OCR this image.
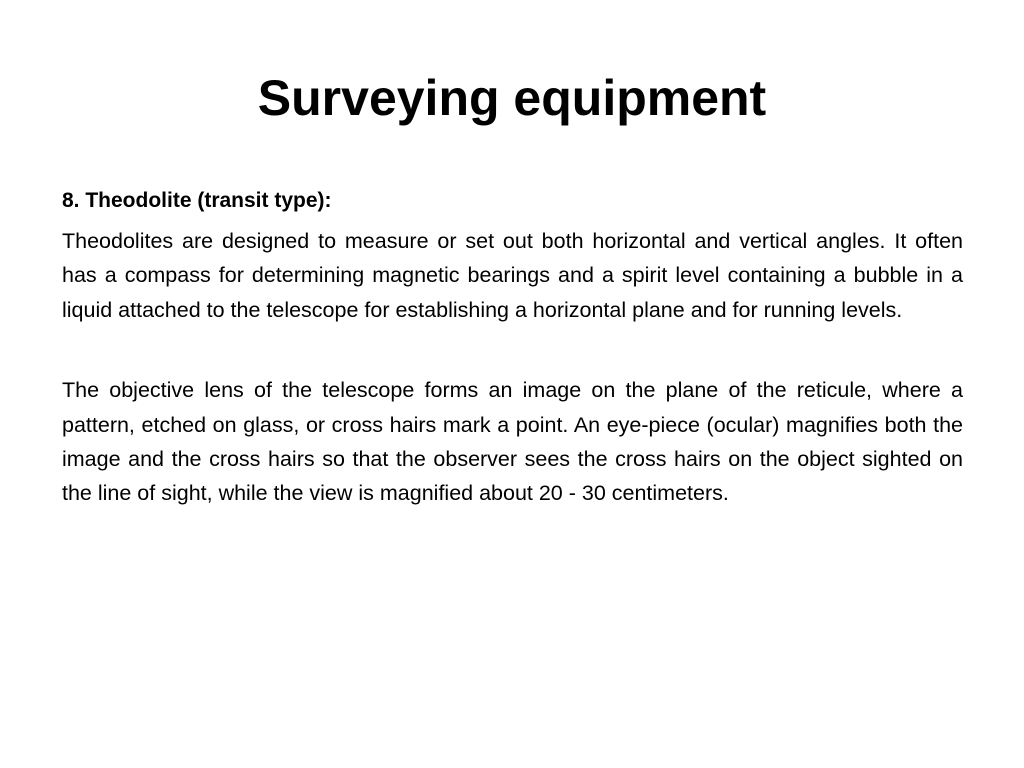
Surveying equipment

8. Theodolite (transit type):

Theodolites are designed to measure or set out both horizontal and vertical angles. It often has a compass for determining magnetic bearings and a spirit level containing a bubble in a liquid attached to the telescope for establishing a horizontal plane and for running levels.

The objective lens of the telescope forms an image on the plane of the reticule, where a pattern, etched on glass, or cross hairs mark a point. An eye-piece (ocular) magnifies both the image and the cross hairs so that the observer sees the cross hairs on the object sighted on the line of sight, while the view is magnified about 20 - 30 centimeters.
